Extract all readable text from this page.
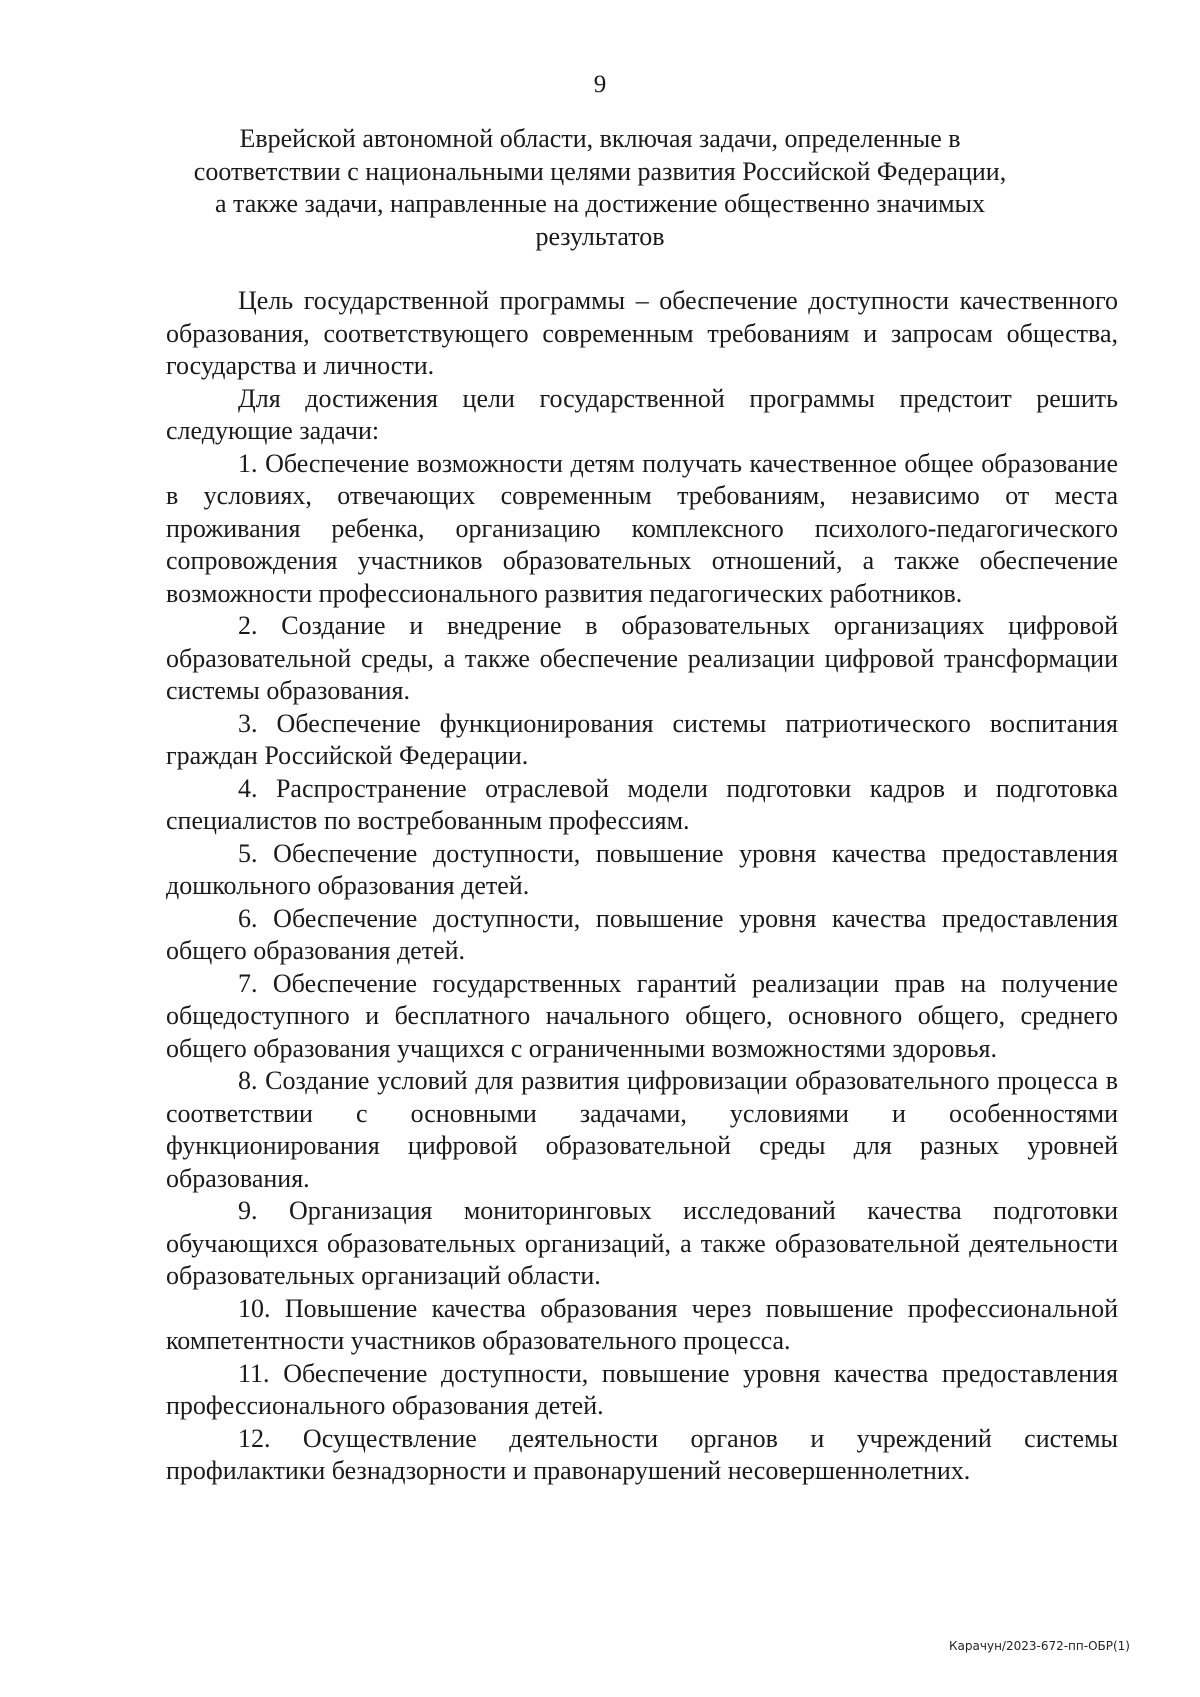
9
Еврейской автономной области, включая задачи, определенные в
соответствии с национальными целями развития Российской Федерации,
а также задачи, направленные на достижение общественно значимых
результатов

Цель государственной программы – обеспечение доступности качественного образования, соответствующего современным требованиям и запросам общества, государства и личности.

Для достижения цели государственной программы предстоит решить следующие задачи:

1. Обеспечение возможности детям получать качественное общее образование в условиях, отвечающих современным требованиям, независимо от места проживания ребенка, организацию комплексного психолого-педагогического сопровождения участников образовательных отношений, а также обеспечение возможности профессионального развития педагогических работников.

2. Создание и внедрение в образовательных организациях цифровой образовательной среды, а также обеспечение реализации цифровой трансформации системы образования.

3. Обеспечение функционирования системы патриотического воспитания граждан Российской Федерации.

4. Распространение отраслевой модели подготовки кадров и подготовка специалистов по востребованным профессиям.

5. Обеспечение доступности, повышение уровня качества предоставления дошкольного образования детей.

6. Обеспечение доступности, повышение уровня качества предоставления общего образования детей.

7. Обеспечение государственных гарантий реализации прав на получение общедоступного и бесплатного начального общего, основного общего, среднего общего образования учащихся с ограниченными возможностями здоровья.

8. Создание условий для развития цифровизации образовательного процесса в соответствии с основными задачами, условиями и особенностями функционирования цифровой образовательной среды для разных уровней образования.

9. Организация мониторинговых исследований качества подготовки обучающихся образовательных организаций, а также образовательной деятельности образовательных организаций области.

10. Повышение качества образования через повышение профессиональной компетентности участников образовательного процесса.

11. Обеспечение доступности, повышение уровня качества предоставления профессионального образования детей.

12. Осуществление деятельности органов и учреждений системы профилактики безнадзорности и правонарушений несовершеннолетних.

Карачун/2023-672-пп-ОБР(1)
